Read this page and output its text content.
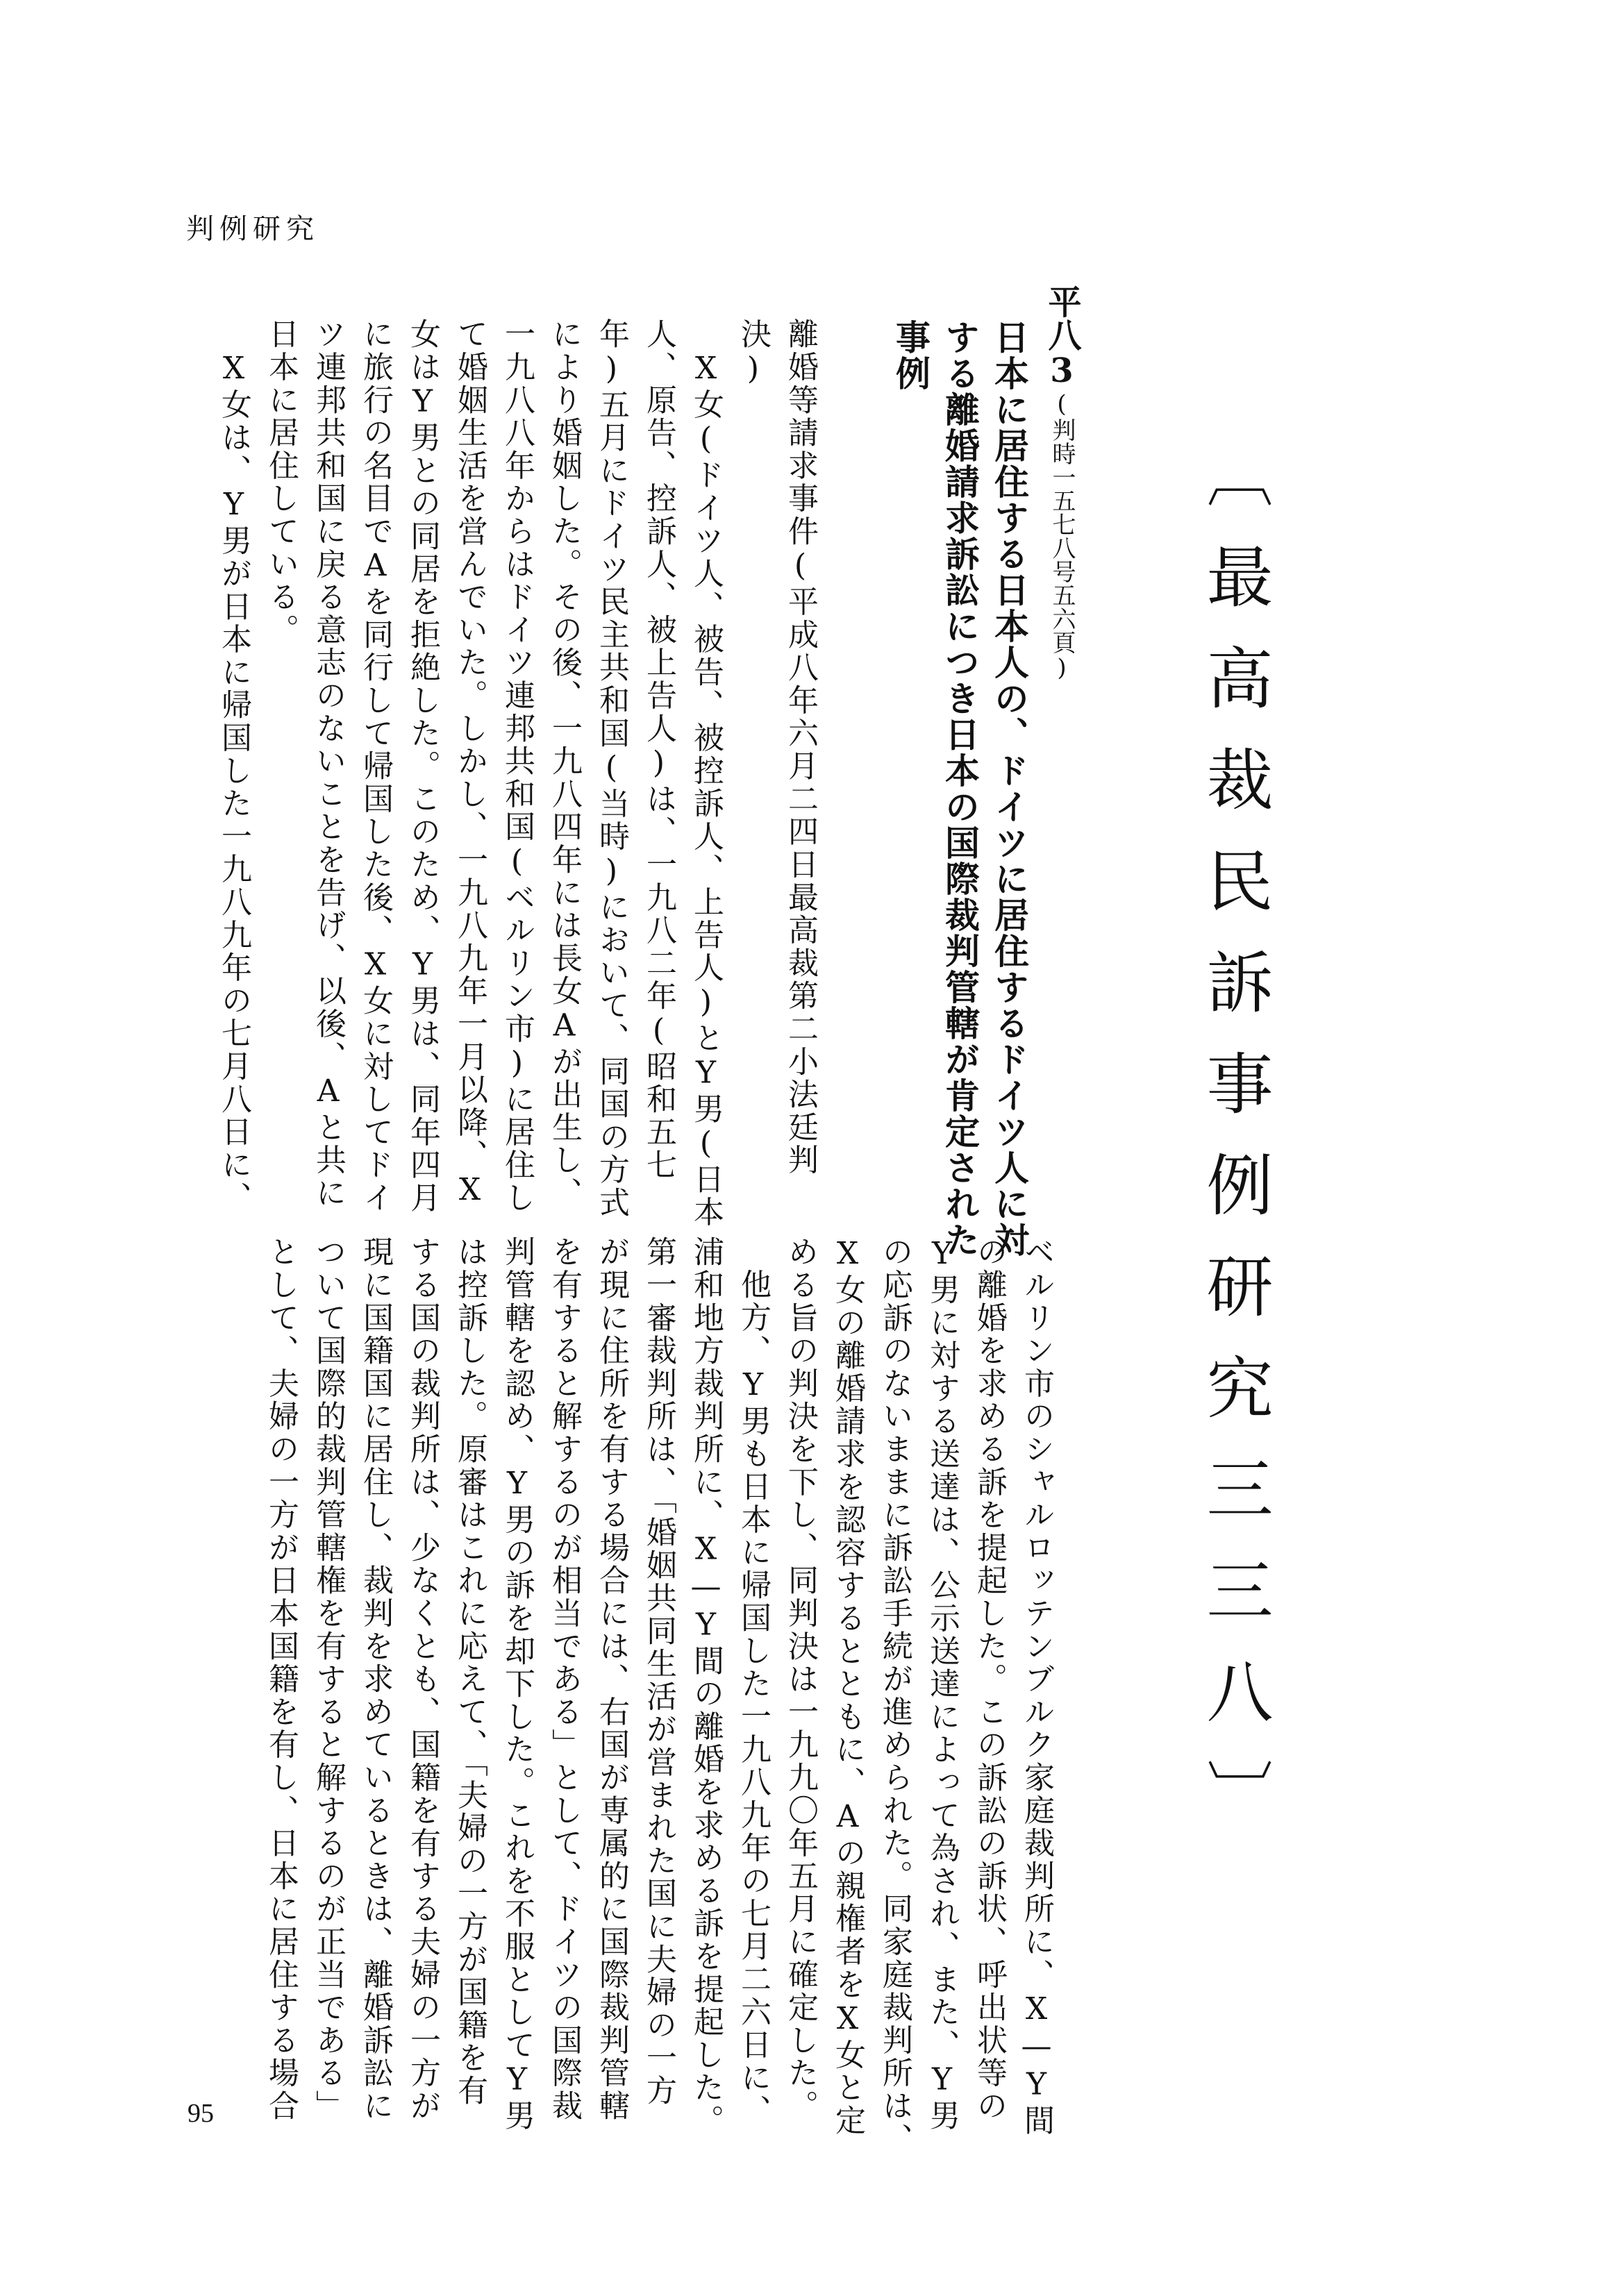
判例研究
〔最高裁民訴事例研究三三八〕
平八3(判時一五七八号五六頁)
日本に居住する日本人の、ドイツに居住するドイツ人に対
する離婚請求訴訟につき日本の国際裁判管轄が肯定された
事例
離婚等請求事件(平成八年六月二四日最高裁第二小法廷判
決)
X女(ドイツ人、被告、被控訴人、上告人)とY男(日本
人、原告、控訴人、被上告人)は、一九八二年(昭和五七
年)五月にドイツ民主共和国(当時)において、同国の方式
により婚姻した。その後、一九八四年には長女Aが出生し、
一九八八年からはドイツ連邦共和国(ベルリン市)に居住し
て婚姻生活を営んでいた。しかし、一九八九年一月以降、X
女はY男との同居を拒絶した。このため、Y男は、同年四月
に旅行の名目でAを同行して帰国した後、X女に対してドイ
ツ連邦共和国に戻る意志のないことを告げ、以後、Aと共に
日本に居住している。
X女は、Y男が日本に帰国した一九八九年の七月八日に、
ベルリン市のシャルロッテンブルク家庭裁判所に、X—Y間
の離婚を求める訴を提起した。この訴訟の訴状、呼出状等の
Y男に対する送達は、公示送達によって為され、また、Y男
の応訴のないままに訴訟手続が進められた。同家庭裁判所は、
X女の離婚請求を認容するとともに、Aの親権者をX女と定
める旨の判決を下し、同判決は一九九〇年五月に確定した。
他方、Y男も日本に帰国した一九八九年の七月二六日に、
浦和地方裁判所に、X—Y間の離婚を求める訴を提起した。
第一審裁判所は、「婚姻共同生活が営まれた国に夫婦の一方
が現に住所を有する場合には、右国が専属的に国際裁判管轄
を有すると解するのが相当である」として、ドイツの国際裁
判管轄を認め、Y男の訴を却下した。これを不服としてY男
は控訴した。原審はこれに応えて、「夫婦の一方が国籍を有
する国の裁判所は、少なくとも、国籍を有する夫婦の一方が
現に国籍国に居住し、裁判を求めているときは、離婚訴訟に
ついて国際的裁判管轄権を有すると解するのが正当である」
として、夫婦の一方が日本国籍を有し、日本に居住する場合
95
